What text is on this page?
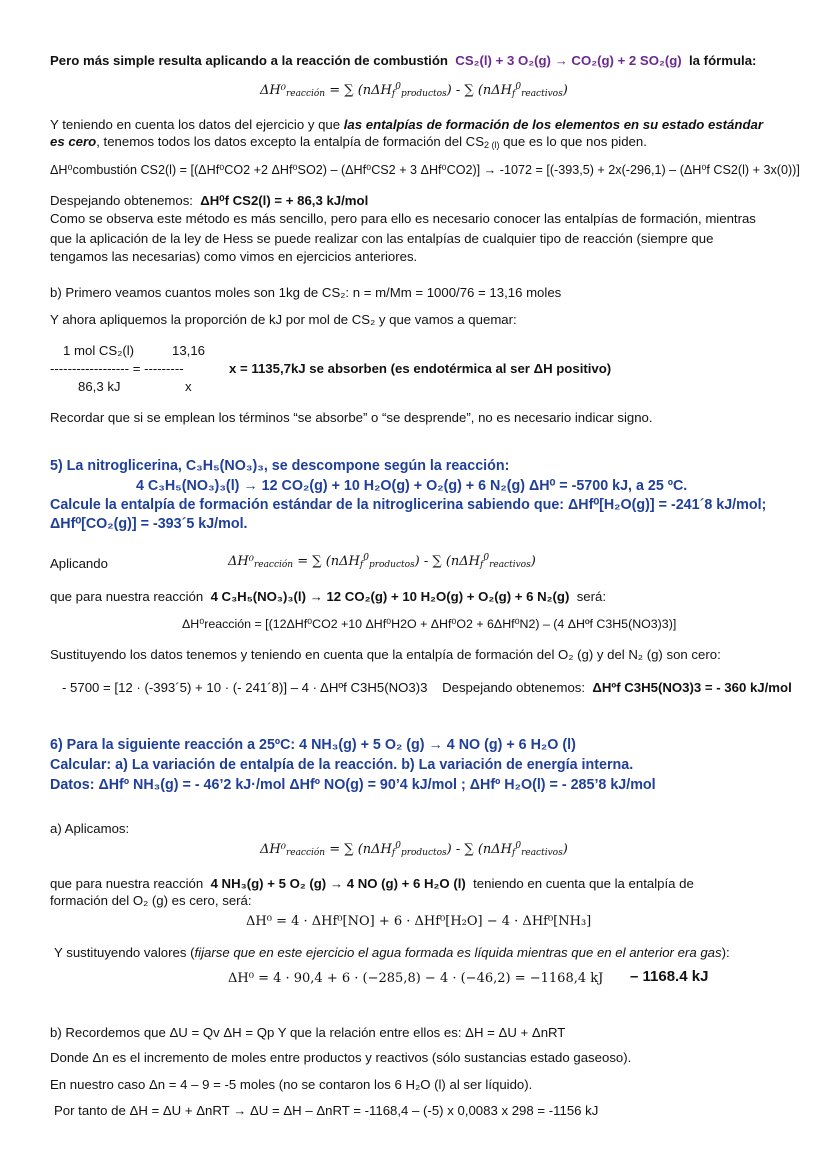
Pero más simple resulta aplicando a la reacción de combustión CS₂(l) + 3 O₂(g) → CO₂(g) + 2 SO₂(g) la fórmula:
$\Delta H^0_{reacción}$ = ∑ (nΔH$_f^0_{productos}$) - ∑ (nΔH$_f^0_{reactivos}$)
Y teniendo en cuenta los datos del ejercicio y que las entalpías de formación de los elementos en su estado estándar
es cero, tenemos todos los datos excepto la entalpía de formación del $CS_{2 (l)}$ que es lo que nos piden.
ΔH⁰combustión CS2(l) = [(ΔHf⁰CO2 +2 ΔHf⁰SO2) – (ΔHf⁰CS2 + 3 ΔHf⁰CO2)] → -1072 = [(-393,5) + 2x(-296,1) – (ΔH⁰f CS2(l) + 3x(0))]
Despejando obtenemos: ΔH⁰f CS2(l) = + 86,3 kJ/mol
Como se observa este método es más sencillo, pero para ello es necesario conocer las entalpías de formación, mientras
que la aplicación de la ley de Hess se puede realizar con las entalpías de cualquier tipo de reacción (siempre que
tengamos las necesarias) como vimos en ejercicios anteriores.
b) Primero veamos cuantos moles son 1kg de CS₂: n = m/Mm = 1000/76 = 13,16 moles
Y ahora apliquemos la proporción de kJ por mol de CS₂ y que vamos a quemar:
1 mol CS₂(l)	13,16
------------------ = ---------	x = 1135,7kJ se absorben (es endotérmica al ser ΔH positivo)
86,3 kJ	x
Recordar que si se emplean los términos “se absorbe” o “se desprende”, no es necesario indicar signo.
5) La nitroglicerina, C₃H₅(NO₃)₃, se descompone según la reacción:
4 C₃H₅(NO₃)₃(l) → 12 CO₂(g) + 10 H₂O(g) + O₂(g) + 6 N₂(g) ΔH⁰ = -5700 kJ, a 25 ºC.
Calcule la entalpía de formación estándar de la nitroglicerina sabiendo que: ΔHf⁰[H₂O(g)] = -241´8 kJ/mol;
ΔHf⁰[CO₂(g)] = -393´5 kJ/mol.
Aplicando	$\Delta H^0_{reacción}$ = ∑ (nΔH$_f^0_{productos}$) - ∑ (nΔH$_f^0_{reactivos}$)
que para nuestra reacción 4 C₃H₅(NO₃)₃(l) → 12 CO₂(g) + 10 H₂O(g) + O₂(g) + 6 N₂(g) será:
ΔH⁰reacción = [(12ΔHf⁰CO2 +10 ΔHf⁰H2O + ΔHf⁰O2 + 6ΔHf⁰N2) – (4 ΔHºf C3H5(NO3)3)]
Sustituyendo los datos tenemos y teniendo en cuenta que la entalpía de formación del O₂ (g) y del N₂ (g) son cero:
- 5700 = [12 · (-393´5) + 10 · (- 241´8)] – 4 · ΔHºf C3H5(NO3)3 Despejando obtenemos: ΔHºf C3H5(NO3)3 = - 360 kJ/mol
6) Para la siguiente reacción a 25ºC: 4 NH₃(g) + 5 O₂ (g) → 4 NO (g) + 6 H₂O (l)
Calcular: a) La variación de entalpía de la reacción. b) La variación de energía interna.
Datos: ΔHfº NH₃(g) = - 46’2 kJ·/mol ΔHfº NO(g) = 90’4 kJ/mol ; ΔHfº H₂O(l) = - 285’8 kJ/mol
a) Aplicamos:
$\Delta H^0_{reacción}$ = ∑ (nΔH$_f^0_{productos}$) - ∑ (nΔH$_f^0_{reactivos}$)
que para nuestra reacción 4 NH₃(g) + 5 O₂ (g) → 4 NO (g) + 6 H₂O (l) teniendo en cuenta que la entalpía de
formación del O₂ (g) es cero, será:
ΔH⁰ = 4 · ΔHf⁰[NO] + 6 · ΔHf⁰[H₂O] − 4 · ΔHf⁰[NH₃]
Y sustituyendo valores (fijarse que en este ejercicio el agua formada es líquida mientras que en el anterior era gas):
ΔH⁰ = 4 · 90,4 + 6 · (−285,8) − 4 · (−46,2) = −1168,4 kJ – 1168.4 kJ
b) Recordemos que ΔU = Qv ΔH = Qp Y que la relación entre ellos es: ΔH = ΔU + ΔnRT
Donde Δn es el incremento de moles entre productos y reactivos (sólo sustancias estado gaseoso).
En nuestro caso Δn = 4 – 9 = -5 moles (no se contaron los 6 H₂O (l) al ser líquido).
Por tanto de ΔH = ΔU + ΔnRT → ΔU = ΔH – ΔnRT = -1168,4 – (-5) x 0,0083 x 298 = -1156 kJ
